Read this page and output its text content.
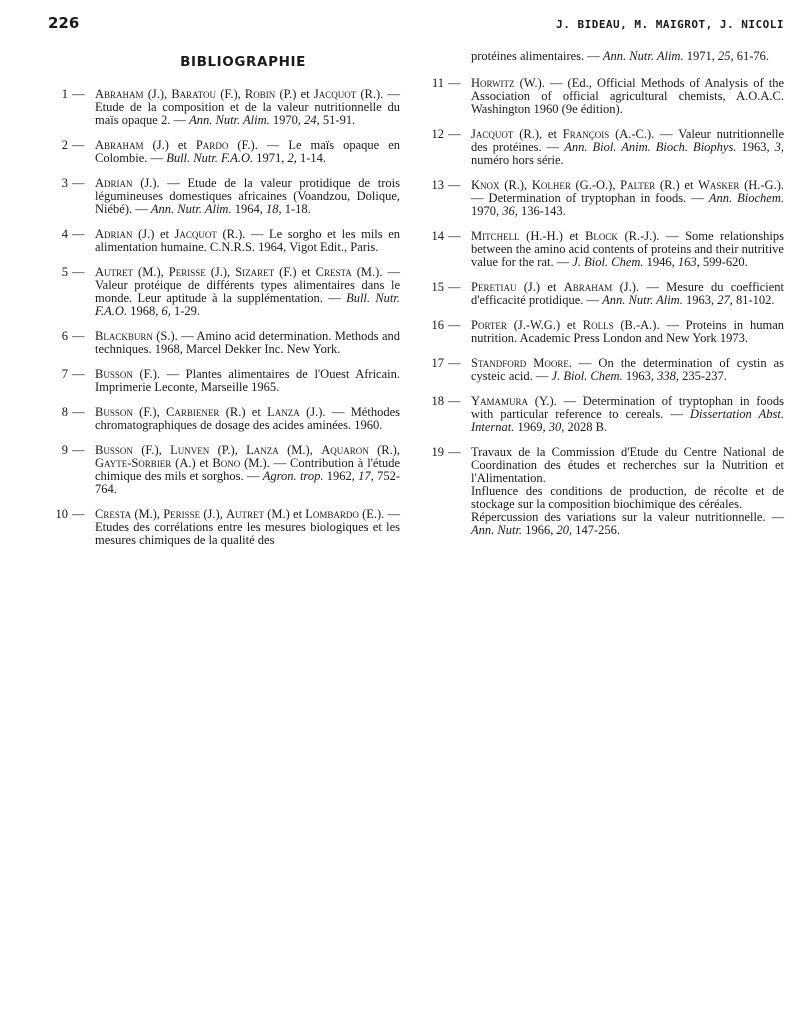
226	J. BIDEAU, M. MAIGROT, J. NICOLI
BIBLIOGRAPHIE
1 — Abraham (J.), Baratou (F.), Robin (P.) et Jacquot (R.). — Etude de la composition et de la valeur nutritionnelle du maïs opaque 2. — Ann. Nutr. Alim. 1970, 24, 51-91.
2 — Abraham (J.) et Pardo (F.). — Le maïs opaque en Colombie. — Bull. Nutr. F.A.O. 1971, 2, 1-14.
3 — Adrian (J.). — Etude de la valeur protidique de trois légumineuses domestiques africaines (Voandzou, Dolique, Niébé). — Ann. Nutr. Alim. 1964, 18, 1-18.
4 — Adrian (J.) et Jacquot (R.). — Le sorgho et les mils en alimentation humaine. C.N.R.S. 1964, Vigot Edit., Paris.
5 — Autret (M.), Perisse (J.), Sizaret (F.) et Cresta (M.). — Valeur protéique de différents types alimentaires dans le monde. Leur aptitude à la supplémentation. — Bull. Nutr. F.A.O. 1968, 6, 1-29.
6 — Blackburn (S.). — Amino acid determination. Methods and techniques. 1968, Marcel Dekker Inc. New York.
7 — Busson (F.). — Plantes alimentaires de l'Ouest Africain. Imprimerie Leconte, Marseille 1965.
8 — Busson (F.), Carbiener (R.) et Lanza (J.). — Méthodes chromatographiques de dosage des acides aminées. 1960.
9 — Busson (F.), Lunven (P.), Lanza (M.), Aquaron (R.), Gayte-Sorbier (A.) et Bono (M.). — Contribution à l'étude chimique des mils et sorghos. — Agron. trop. 1962, 17, 752-764.
10 — Cresta (M.), Perisse (J.), Autret (M.) et Lombardo (E.). — Etudes des corrélations entre les mesures biologiques et les mesures chimiques de la qualité des
protéines alimentaires. — Ann. Nutr. Alim. 1971, 25, 61-76.
11 — Horwitz (W.). — (Ed., Official Methods of Analysis of the Association of official agricultural chemists, A.O.A.C. Washington 1960 (9e édition).
12 — Jacquot (R.), et François (A.-C.). — Valeur nutritionnelle des protéines. — Ann. Biol. Anim. Bioch. Biophys. 1963, 3, numéro hors série.
13 — Knox (R.), Kolher (G.-O.), Palter (R.) et Wasker (H.-G.). — Determination of tryptophan in foods. — Ann. Biochem. 1970, 36, 136-143.
14 — Mitchell (H.-H.) et Block (R.-J.). — Some relationships between the amino acid contents of proteins and their nutritive value for the rat. — J. Biol. Chem. 1946, 163, 599-620.
15 — Peretiau (J.) et Abraham (J.). — Mesure du coefficient d'efficacité protidique. — Ann. Nutr. Alim. 1963, 27, 81-102.
16 — Porter (J.-W.G.) et Rolls (B.-A.). — Proteins in human nutrition. Academic Press London and New York 1973.
17 — Standford Moore. — On the determination of cystin as cysteic acid. — J. Biol. Chem. 1963, 338, 235-237.
18 — Yamamura (Y.). — Determination of tryptophan in foods with particular reference to cereals. — Dissertation Abst. Internat. 1969, 30, 2028 B.
19 — Travaux de la Commission d'Etude du Centre National de Coordination des études et recherches sur la Nutrition et l'Alimentation.
Influence des conditions de production, de récolte et de stockage sur la composition biochimique des céréales.
Répercussion des variations sur la valeur nutritionnelle. — Ann. Nutr. 1966, 20, 147-256.
